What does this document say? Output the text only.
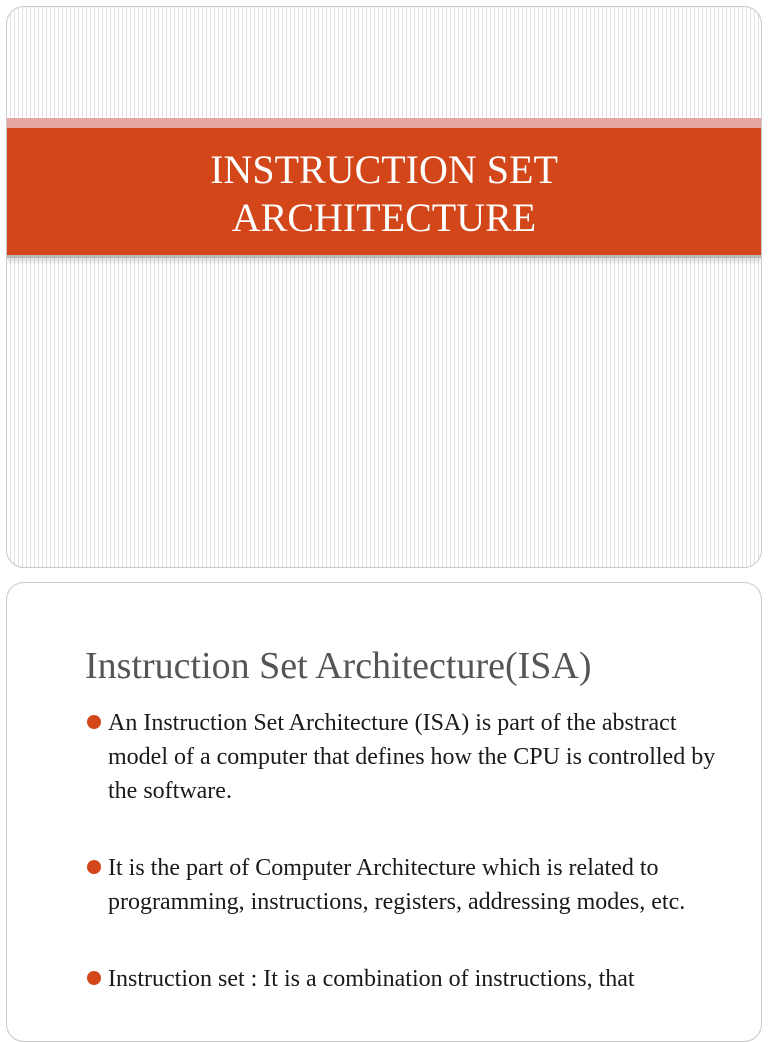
INSTRUCTION SET
ARCHITECTURE
Instruction Set Architecture(ISA)
An Instruction Set Architecture (ISA) is part of the abstract model of a computer that defines how the CPU is controlled by the software.
It is the part of Computer Architecture which is related to programming, instructions, registers, addressing modes, etc.
Instruction set : It is a combination of instructions, that
